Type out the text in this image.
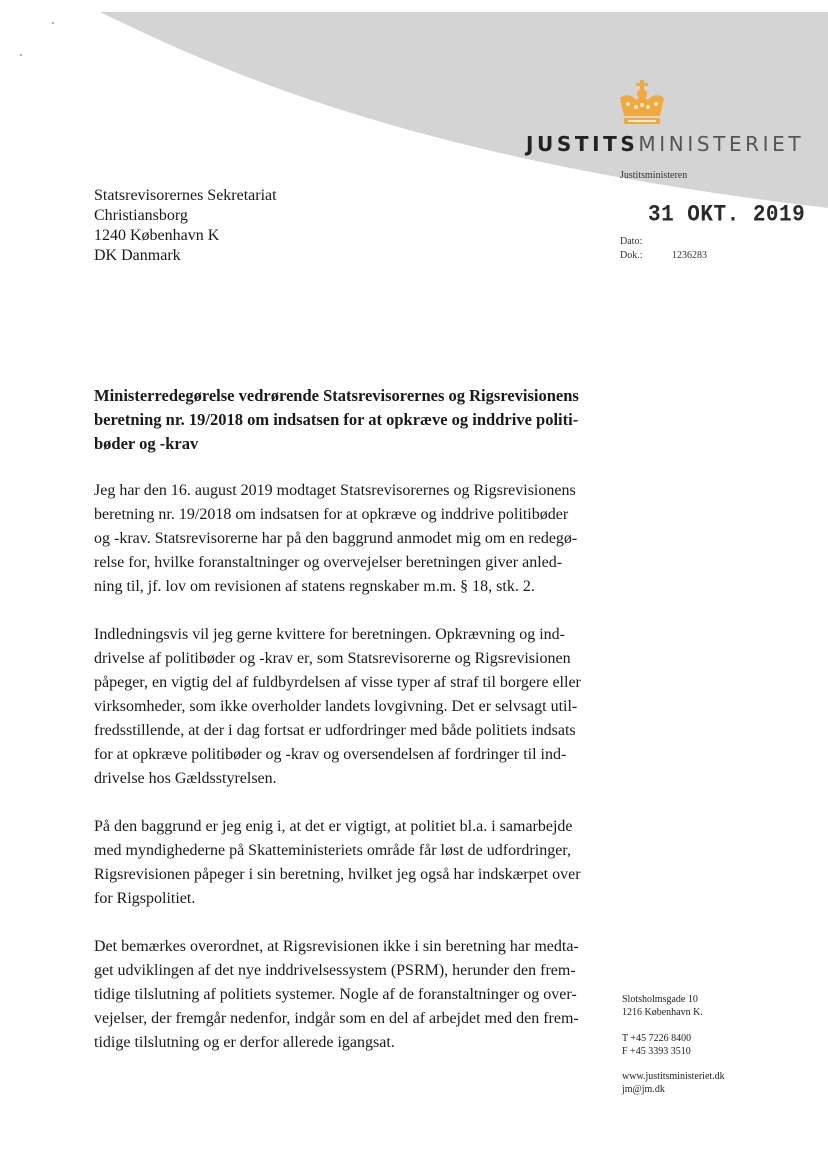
JUSTITSMINISTERIET
Justitsministeren
31 OKT. 2019
Dato:
Dok.:	1236283
Statsrevisorernes Sekretariat
Christiansborg
1240 København K
DK Danmark
Ministerredegørelse vedrørende Statsrevisorernes og Rigsrevisionens
beretning nr. 19/2018 om indsatsen for at opkræve og inddrive politi-
bøder og -krav
Jeg har den 16. august 2019 modtaget Statsrevisorernes og Rigsrevisionens
beretning nr. 19/2018 om indsatsen for at opkræve og inddrive politibøder
og -krav. Statsrevisorerne har på den baggrund anmodet mig om en redegø-
relse for, hvilke foranstaltninger og overvejelser beretningen giver anled-
ning til, jf. lov om revisionen af statens regnskaber m.m. § 18, stk. 2.
Indledningsvis vil jeg gerne kvittere for beretningen. Opkrævning og ind-
drivelse af politibøder og -krav er, som Statsrevisorerne og Rigsrevisionen
påpeger, en vigtig del af fuldbyrdelsen af visse typer af straf til borgere eller
virksomheder, som ikke overholder landets lovgivning. Det er selvsagt util-
fredsstillende, at der i dag fortsat er udfordringer med både politiets indsats
for at opkræve politibøder og -krav og oversendelsen af fordringer til ind-
drivelse hos Gældsstyrelsen.
På den baggrund er jeg enig i, at det er vigtigt, at politiet bl.a. i samarbejde
med myndighederne på Skatteministeriets område får løst de udfordringer,
Rigsrevisionen påpeger i sin beretning, hvilket jeg også har indskærpet over
for Rigspolitiet.
Det bemærkes overordnet, at Rigsrevisionen ikke i sin beretning har medta-
get udviklingen af det nye inddrivelsessystem (PSRM), herunder den frem-
tidige tilslutning af politiets systemer. Nogle af de foranstaltninger og over-
vejelser, der fremgår nedenfor, indgår som en del af arbejdet med den frem-
tidige tilslutning og er derfor allerede igangsat.
Slotsholmsgade 10
1216 København K.
T +45 7226 8400
F +45 3393 3510
www.justitsministeriet.dk
jm@jm.dk
